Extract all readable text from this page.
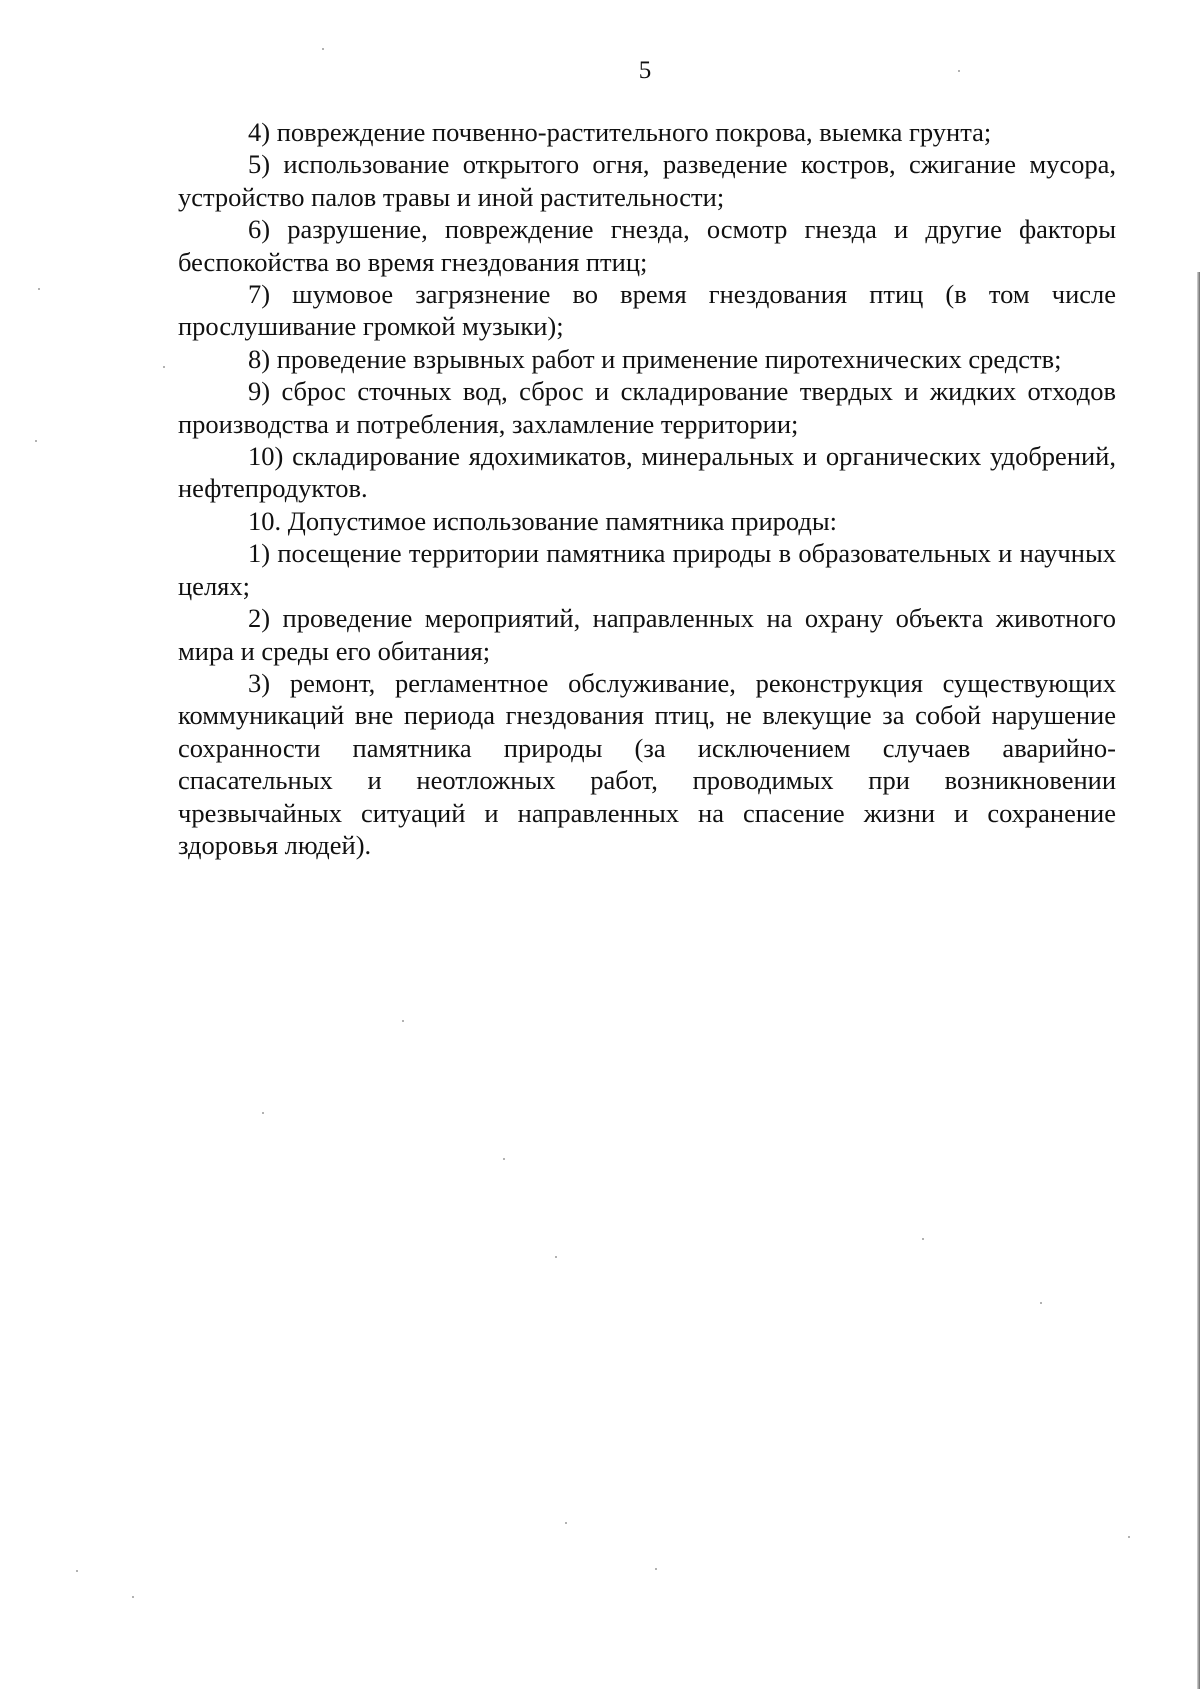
5

4) повреждение почвенно-растительного покрова, выемка грунта;

5) использование открытого огня, разведение костров, сжигание мусора, устройство палов травы и иной растительности;

6) разрушение, повреждение гнезда, осмотр гнезда и другие факторы беспокойства во время гнездования птиц;

7) шумовое загрязнение во время гнездования птиц (в том числе прослушивание громкой музыки);

8) проведение взрывных работ и применение пиротехнических средств;

9) сброс сточных вод, сброс и складирование твердых и жидких отходов производства и потребления, захламление территории;

10) складирование ядохимикатов, минеральных и органических удобрений, нефтепродуктов.

10. Допустимое использование памятника природы:

1) посещение территории памятника природы в образовательных и научных целях;

2) проведение мероприятий, направленных на охрану объекта животного мира и среды его обитания;

3) ремонт, регламентное обслуживание, реконструкция существующих коммуникаций вне периода гнездования птиц, не влекущие за собой нарушение сохранности памятника природы (за исключением случаев аварийно-спасательных и неотложных работ, проводимых при возникновении чрезвычайных ситуаций и направленных на спасение жизни и сохранение здоровья людей).
